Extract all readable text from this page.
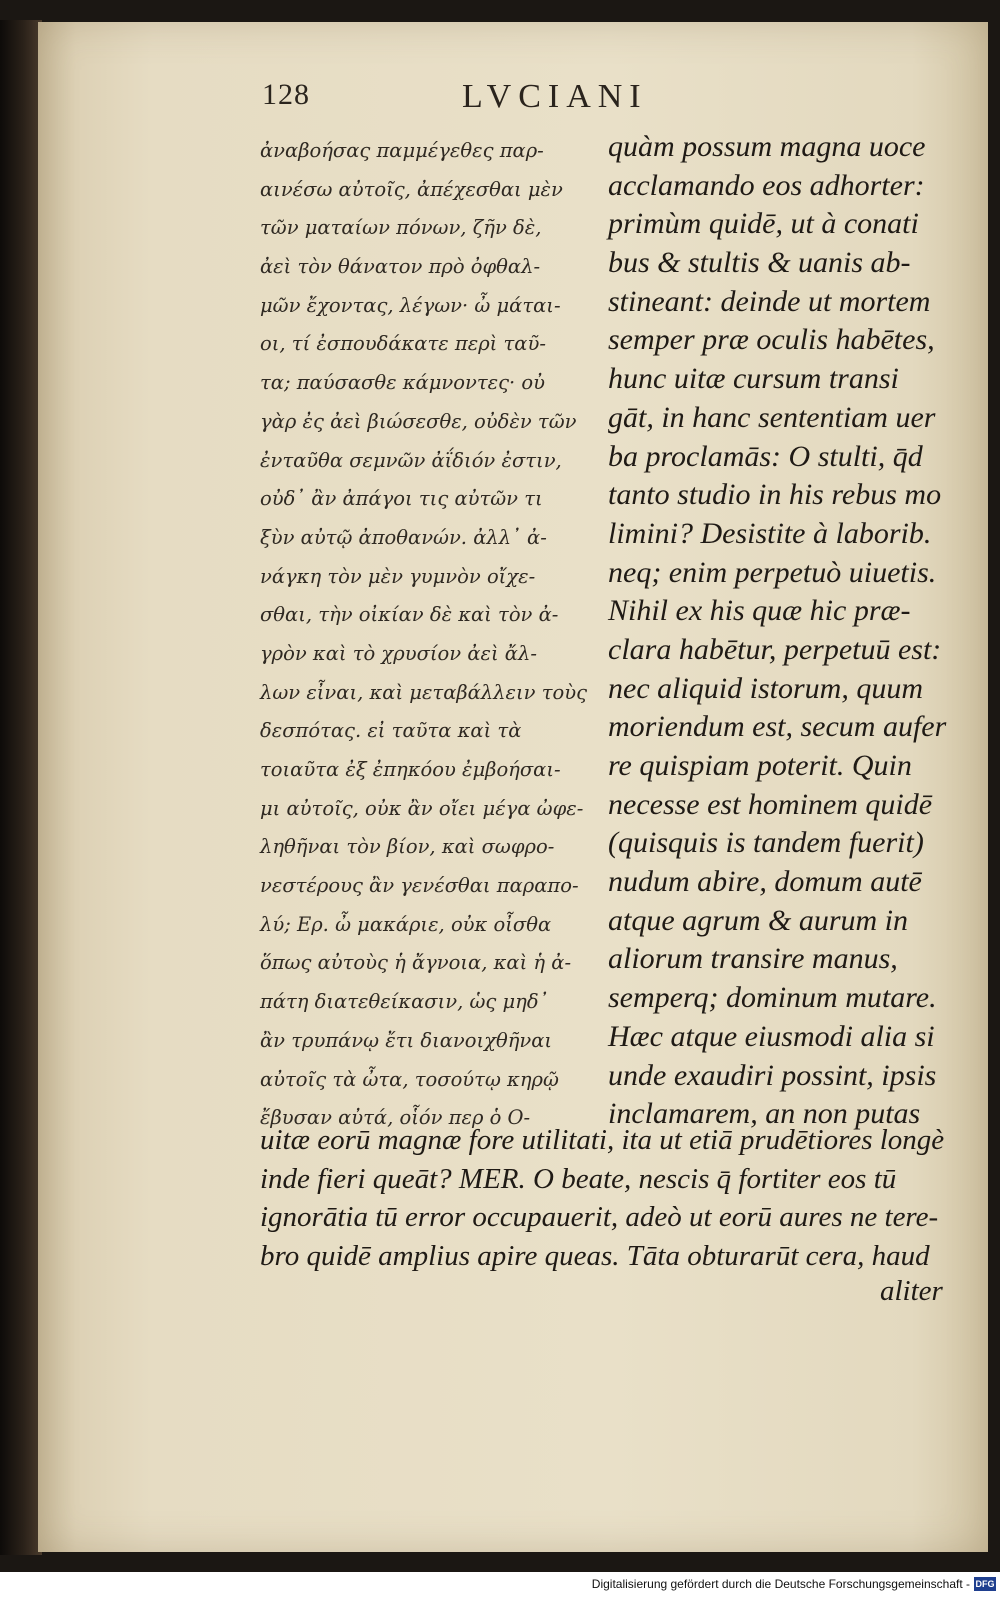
128	LVCIANI
ἀναβοήσας παμμέγεθες παρ-
αινέσω αὐτοῖς, ἀπέχεσθαι μὲν
τῶν ματαίων πόνων, ζῆν δὲ,
ἀεὶ τὸν θάνατον πρὸ ὀφθαλ-
μῶν ἔχοντας, λέγων· ὦ μάται-
οι, τί ἐσπουδάκατε περὶ ταῦ-
τα; παύσασθε κάμνοντες· οὐ
γὰρ ἐς ἀεὶ βιώσεσθε, οὐδὲν τῶν
ἐνταῦθα σεμνῶν ἀΐδιόν ἐστιν,
οὐδ᾽ ἂν ἀπάγοι τις αὐτῶν τι
ξὺν αὐτῷ ἀποθανών. ἀλλ᾽ ἀ-
νάγκη τὸν μὲν γυμνὸν οἴχε-
σθαι, τὴν οἰκίαν δὲ καὶ τὸν ἀ-
γρὸν καὶ τὸ χρυσίον ἀεὶ ἄλ-
λων εἶναι, καὶ μεταβάλλειν τοὺς
δεσπότας. εἰ ταῦτα καὶ τὰ
τοιαῦτα ἐξ ἐπηκόου ἐμβοήσαι-
μι αὐτοῖς, οὐκ ἂν οἴει μέγα ὠφε-
ληθῆναι τὸν βίον, καὶ σωφρο-
νεστέρους ἂν γενέσθαι παραπο-
λύ; Ερ. ὦ μακάριε, οὐκ οἶσθα
ὅπως αὐτοὺς ἡ ἄγνοια, καὶ ἡ ἀ-
πάτη διατεθείκασιν, ὡς μηδ᾽
ἂν τρυπάνῳ ἔτι διανοιχθῆναι
αὐτοῖς τὰ ὦτα, τοσούτῳ κηρῷ
ἔβυσαν αὐτά, οἷόν περ ὁ Ο-
quàm possum magna uoce
acclamando eos adhorter:
primùm quidē, ut à conati
bus & stultis & uanis ab-
stineant: deinde ut mortem
semper præ oculis habētes,
hunc uitæ cursum transi
gāt, in hanc sententiam uer
ba proclamās: O stulti, q̄d
tanto studio in his rebus mo
limini? Desistite à laborib.
neq; enim perpetuò uiuetis.
Nihil ex his quæ hic præ-
clara habētur, perpetuū est:
nec aliquid istorum, quum
moriendum est, secum aufer
re quispiam poterit. Quin
necesse est hominem quidē
(quisquis is tandem fuerit)
nudum abire, domum autē
atque agrum & aurum in
aliorum transire manus,
semperq; dominum mutare.
Hæc atque eiusmodi alia si
unde exaudiri possint, ipsis
inclamarem, an non putas
uitæ eorū magnæ fore utilitati, ita ut etiā prudētiores longè
inde fieri queāt? MER. O beate, nescis q̄ fortiter eos tū
ignorātia tū error occupauerit, adeò ut eorū aures ne tere-
bro quidē amplius apire queas. Tāta obturarūt cera, haud
aliter
Digitalisierung gefördert durch die Deutsche Forschungsgemeinschaft - DFG
